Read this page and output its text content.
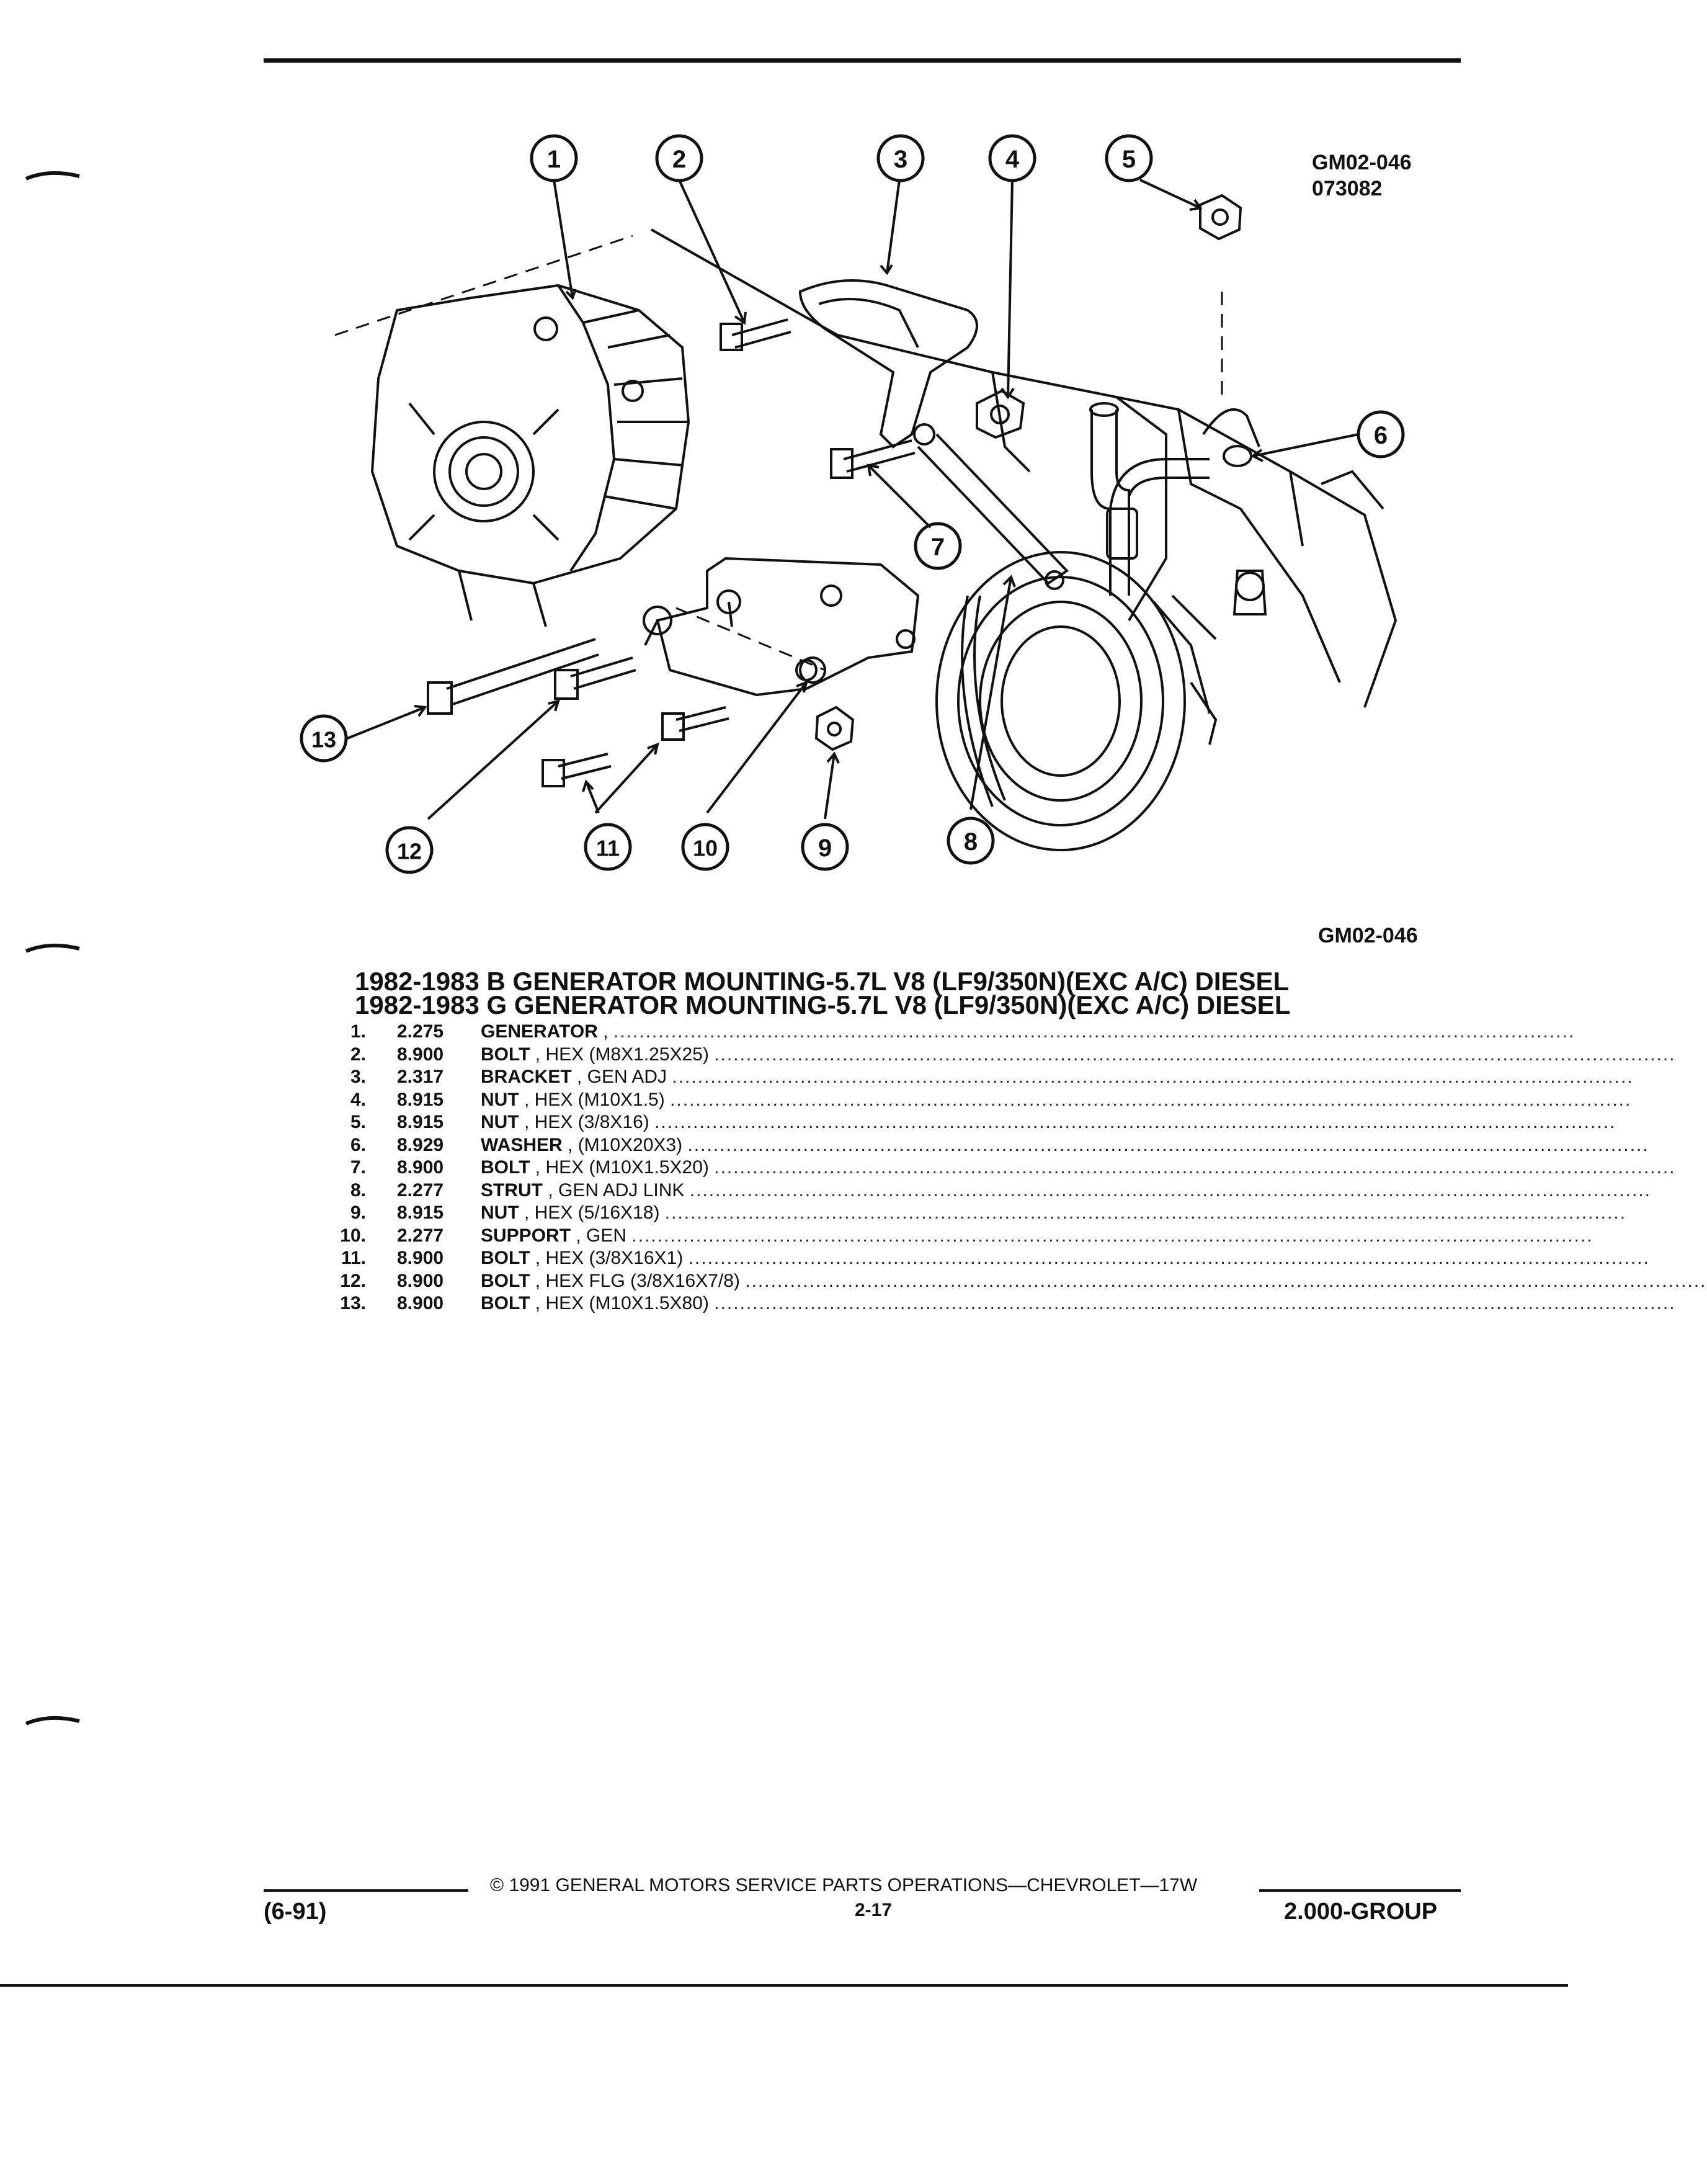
GM02-046
073082
1	2	3	4	5
6
7
8
9
10
11
12
13
GM02-046
1982-1983 B GENERATOR MOUNTING-5.7L V8 (LF9/350N)(EXC A/C) DIESEL
1982-1983 G GENERATOR MOUNTING-5.7L V8 (LF9/350N)(EXC A/C) DIESEL
1. 2.275 GENERATOR , ......................................................................................................................................................
2. 8.900 BOLT , HEX (M8X1.25X25) ......................................................................................................................................................
3. 2.317 BRACKET , GEN ADJ ......................................................................................................................................................
4. 8.915 NUT , HEX (M10X1.5) ......................................................................................................................................................
5. 8.915 NUT , HEX (3/8X16) ......................................................................................................................................................
6. 8.929 WASHER , (M10X20X3) ......................................................................................................................................................
7. 8.900 BOLT , HEX (M10X1.5X20) ......................................................................................................................................................
8. 2.277 STRUT , GEN ADJ LINK ......................................................................................................................................................
9. 8.915 NUT , HEX (5/16X18) ......................................................................................................................................................
10. 2.277 SUPPORT , GEN ......................................................................................................................................................
11. 8.900 BOLT , HEX (3/8X16X1) ......................................................................................................................................................
12. 8.900 BOLT , HEX FLG (3/8X16X7/8) ......................................................................................................................................................
13. 8.900 BOLT , HEX (M10X1.5X80) ......................................................................................................................................................
© 1991 GENERAL MOTORS SERVICE PARTS OPERATIONS—CHEVROLET—17W
(6-91)	2-17	2.000-GROUP
